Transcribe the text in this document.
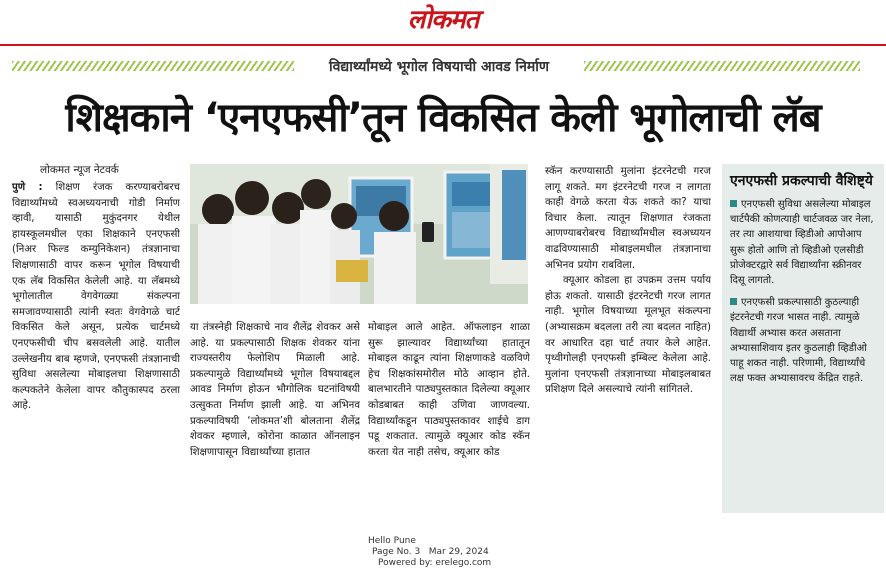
लोकमत
विद्यार्थ्यांमध्ये भूगोल विषयाची आवड निर्माण
शिक्षकाने ‘एनएफसी’तून विकसित केली भूगोलाची लॅब
लोकमत न्यूज नेटवर्क
पुणे : शिक्षण रंजक करण्याबरोबरच विद्यार्थ्यांमध्ये स्वअध्ययनाची गोडी निर्माण व्हावी, यासाठी मुकुंदनगर येथील हायस्कूलमधील एका शिक्षकाने एनएफसी (निअर फिल्ड कम्युनिकेशन) तंत्रज्ञानाचा शिक्षणासाठी वापर करून भूगोल विषयाची एक लॅब विकसित केलेली आहे. या लॅबमध्ये भूगोलातील वेगवेगळ्या संकल्पना समजावण्यासाठी त्यांनी स्वतः वेगवेगळे चार्ट विकसित केले असून, प्रत्येक चार्टमध्ये एनएफसीची चीप बसवलेली आहे. यातील उल्लेखनीय बाब म्हणजे, एनएफसी तंत्रज्ञानाची सुविधा असलेल्या मोबाइलचा शिक्षणासाठी कल्पकतेने केलेला वापर कौतुकास्पद ठरला आहे.
या तंत्रस्नेही शिक्षकाचे नाव शैलेंद्र शेवकर असे आहे. या प्रकल्पासाठी शिक्षक शेवकर यांना राज्यस्तरीय फेलोशिप मिळाली आहे. प्रकल्पामुळे विद्यार्थ्यांमध्ये भूगोल विषयाबद्दल आवड निर्माण होऊन भौगोलिक घटनांविषयी उत्सुकता निर्माण झाली आहे. या अभिनव प्रकल्पाविषयी ‘लोकमत’शी बोलताना शैलेंद्र शेवकर म्हणाले, कोरोना काळात ऑनलाइन शिक्षणापासून विद्यार्थ्यांच्या हातात
मोबाइल आले आहेत. ऑफलाइन शाळा सुरू झाल्यावर विद्यार्थ्यांच्या हातातून मोबाइल काढून त्यांना शिक्षणाकडे वळविणे हेच शिक्षकांसमोरील मोठे आव्हान होते. बालभारतीने पाठ्यपुस्तकात दिलेल्या क्यूआर कोडबाबत काही उणिवा जाणवल्या. विद्यार्थ्यांकडून पाठ्यपुस्तकावर शाईचे डाग पडू शकतात. त्यामुळे क्यूआर कोड स्कॅन करता येत नाही तसेच, क्यूआर कोड
स्कॅन करण्यासाठी मुलांना इंटरनेटची गरज लागू शकते. मग इंटरनेटची गरज न लागता काही वेगळे करता येऊ शकते का? याचा विचार केला. त्यातून शिक्षणात रंजकता आणण्याबरोबरच विद्यार्थ्यांमधील स्वअध्ययन वाढविण्यासाठी मोबाइलमधील तंत्रज्ञानाचा अभिनव प्रयोग राबविला.
क्यूआर कोडला हा उपक्रम उत्तम पर्याय होऊ शकतो. यासाठी इंटरनेटची गरज लागत नाही. भूगोल विषयाच्या मूलभूत संकल्पना (अभ्यासक्रम बदलला तरी त्या बदलत नाहित) वर आधारित दहा चार्ट तयार केले आहेत. पृथ्वीगोलही एनएफसी इम्बिल्ट केलेला आहे. मुलांना एनएफसी तंत्रज्ञानाच्या मोबाइलबाबत प्रशिक्षण दिले असल्याचे त्यांनी सांगितले.
एनएफसी प्रकल्पाची वैशिष्ट्ये
एनएफसी सुविधा असलेल्या मोबाइल चार्टपैकी कोणत्याही चार्टजवळ जर नेला, तर त्या आशयाचा व्हिडीओ आपोआप सुरू होतो आणि तो व्हिडीओ एलसीडी प्रोजेक्टरद्वारे सर्व विद्यार्थ्यांना स्क्रीनवर दिसू लागतो.
एनएफसी प्रकल्पासाठी कुठल्याही इंटरनेटची गरज भासत नाही. त्यामुळे विद्यार्थी अभ्यास करत असताना अभ्यासाशिवाय इतर कुठलाही व्हिडीओ पाहू शकत नाही. परिणामी, विद्यार्थ्यांचे लक्ष फक्त अभ्यासावरच केंद्रित राहते.
Hello Pune
Page No. 3 Mar 29, 2024
Powered by: erelego.com
